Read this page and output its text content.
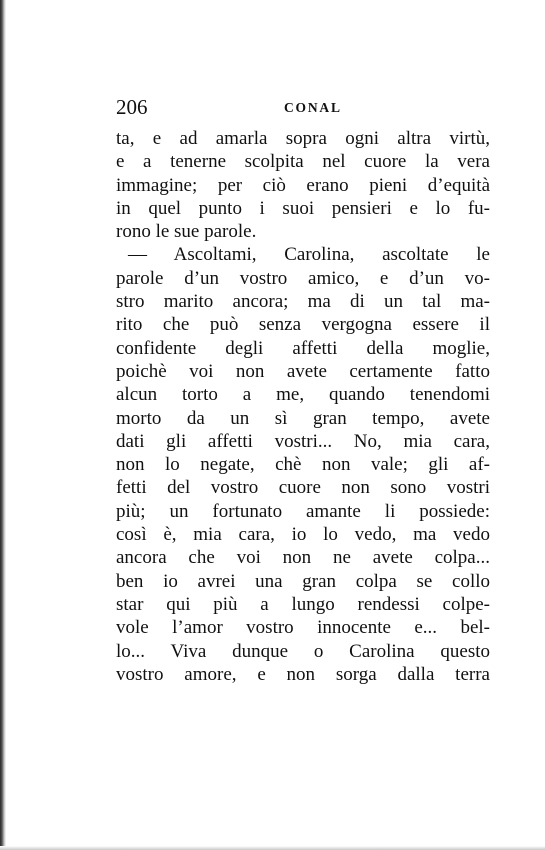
206	CONAL
ta, e ad amarla sopra ogni altra virtù,
e a tenerne scolpita nel cuore la vera
immagine; per ciò erano pieni d’equità
in quel punto i suoi pensieri e lo fu-
rono le sue parole.
— Ascoltami, Carolina, ascoltate le
parole d’un vostro amico, e d’un vo-
stro marito ancora; ma di un tal ma-
rito che può senza vergogna essere il
confidente degli affetti della moglie,
poichè voi non avete certamente fatto
alcun torto a me, quando tenendomi
morto da un sì gran tempo, avete
dati gli affetti vostri... No, mia cara,
non lo negate, chè non vale; gli af-
fetti del vostro cuore non sono vostri
più; un fortunato amante li possiede:
così è, mia cara, io lo vedo, ma vedo
ancora che voi non ne avete colpa...
ben io avrei una gran colpa se collo
star qui più a lungo rendessi colpe-
vole l’amor vostro innocente e... bel-
lo... Viva dunque o Carolina questo
vostro amore, e non sorga dalla terra
